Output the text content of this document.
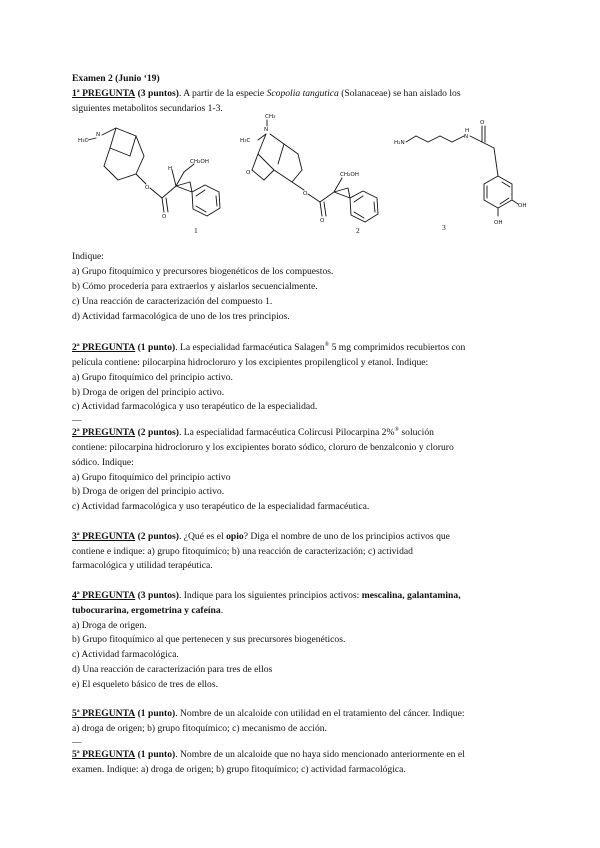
Examen 2 (Junio ‘19)
1ª PREGUNTA (3 puntos). A partir de la especie Scopolia tangutica (Solanaceae) se han aislado los
siguientes metabolitos secundarios 1-3.
Indique:
a) Grupo fitoquímico y precursores biogenéticos de los compuestos.
b) Cómo procedería para extraerlos y aislarlos secuencialmente.
c) Una reacción de caracterización del compuesto 1.
d) Actividad farmacológica de uno de los tres principios.
2ª PREGUNTA (1 punto). La especialidad farmacéutica Salagen® 5 mg comprimidos recubiertos con
película contiene: pilocarpina hidrocloruro y los excipientes propilenglicol y etanol. Indique:
a) Grupo fitoquímico del principio activo.
b) Droga de origen del principio activo.
c) Actividad farmacológica y uso terapéutico de la especialidad.
—
2ª PREGUNTA (2 puntos). La especialidad farmacéutica Colircusi Pilocarpina 2%® solución
contiene: pilocarpina hidrocloruro y los excipientes borato sódico, cloruro de benzalconio y cloruro
sódico. Indique:
a) Grupo fitoquímico del principio activo
b) Droga de origen del principio activo.
c) Actividad farmacológica y uso terapéutico de la especialidad farmacéutica.
3ª PREGUNTA (2 puntos). ¿Qué es el opio? Diga el nombre de uno de los principios activos que
contiene e indique: a) grupo fitoquímico; b) una reacción de caracterización; c) actividad
farmacológica y utilidad terapéutica.
4ª PREGUNTA (3 puntos). Indique para los siguientes principios activos: mescalina, galantamina,
tubocurarina, ergometrina y cafeína.
a) Droga de origen.
b) Grupo fitoquímico al que pertenecen y sus precursores biogenéticos.
c) Actividad farmacológica.
d) Una reacción de caracterización para tres de ellos
e) El esqueleto básico de tres de ellos.
5ª PREGUNTA (1 punto). Nombre de un alcaloide con utilidad en el tratamiento del cáncer. Indique:
a) droga de origen; b) grupo fitoquímico; c) mecanismo de acción.
—
5ª PREGUNTA (1 punto). Nombre de un alcaloide que no haya sido mencionado anteriormente en el
examen. Indique: a) droga de origen; b) grupo fitoquímico; c) actividad farmacológica.
H₃C
N
O
O
H
CH₂OH
1
CH₃
N
H₃C
O
O
O
CH₂OH
2
H₂N
N
H
O
OH
OH
3
